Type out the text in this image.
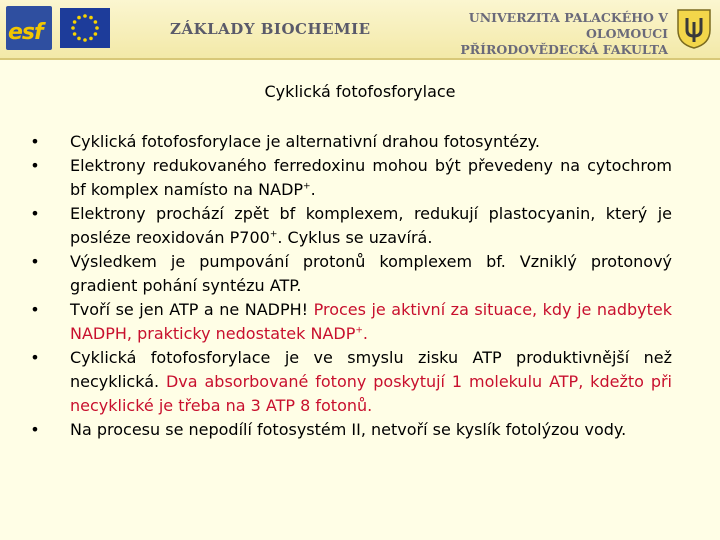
esf	ZÁKLADY BIOCHEMIE
UNIVERZITA PALACKÉHO V OLOMOUCI
PŘÍRODOVĚDECKÁ FAKULTA
Cyklická fotofosforylace
• Cyklická fotofosforylace je alternativní drahou fotosyntézy.
• Elektrony redukovaného ferredoxinu mohou být převedeny na cytochrom bf komplex namísto na NADP+.
• Elektrony prochází zpět bf komplexem, redukují plastocyanin, který je posléze reoxidován P700+. Cyklus se uzavírá.
• Výsledkem je pumpování protonů komplexem bf. Vzniklý protonový gradient pohání syntézu ATP.
• Tvoří se jen ATP a ne NADPH! Proces je aktivní za situace, kdy je nadbytek NADPH, prakticky nedostatek NADP+.
• Cyklická fotofosforylace je ve smyslu zisku ATP produktivnější než necyklická. Dva absorbované fotony poskytují 1 molekulu ATP, kdežto při necyklické je třeba na 3 ATP 8 fotonů.
• Na procesu se nepodílí fotosystém II, netvoří se kyslík fotolýzou vody.
